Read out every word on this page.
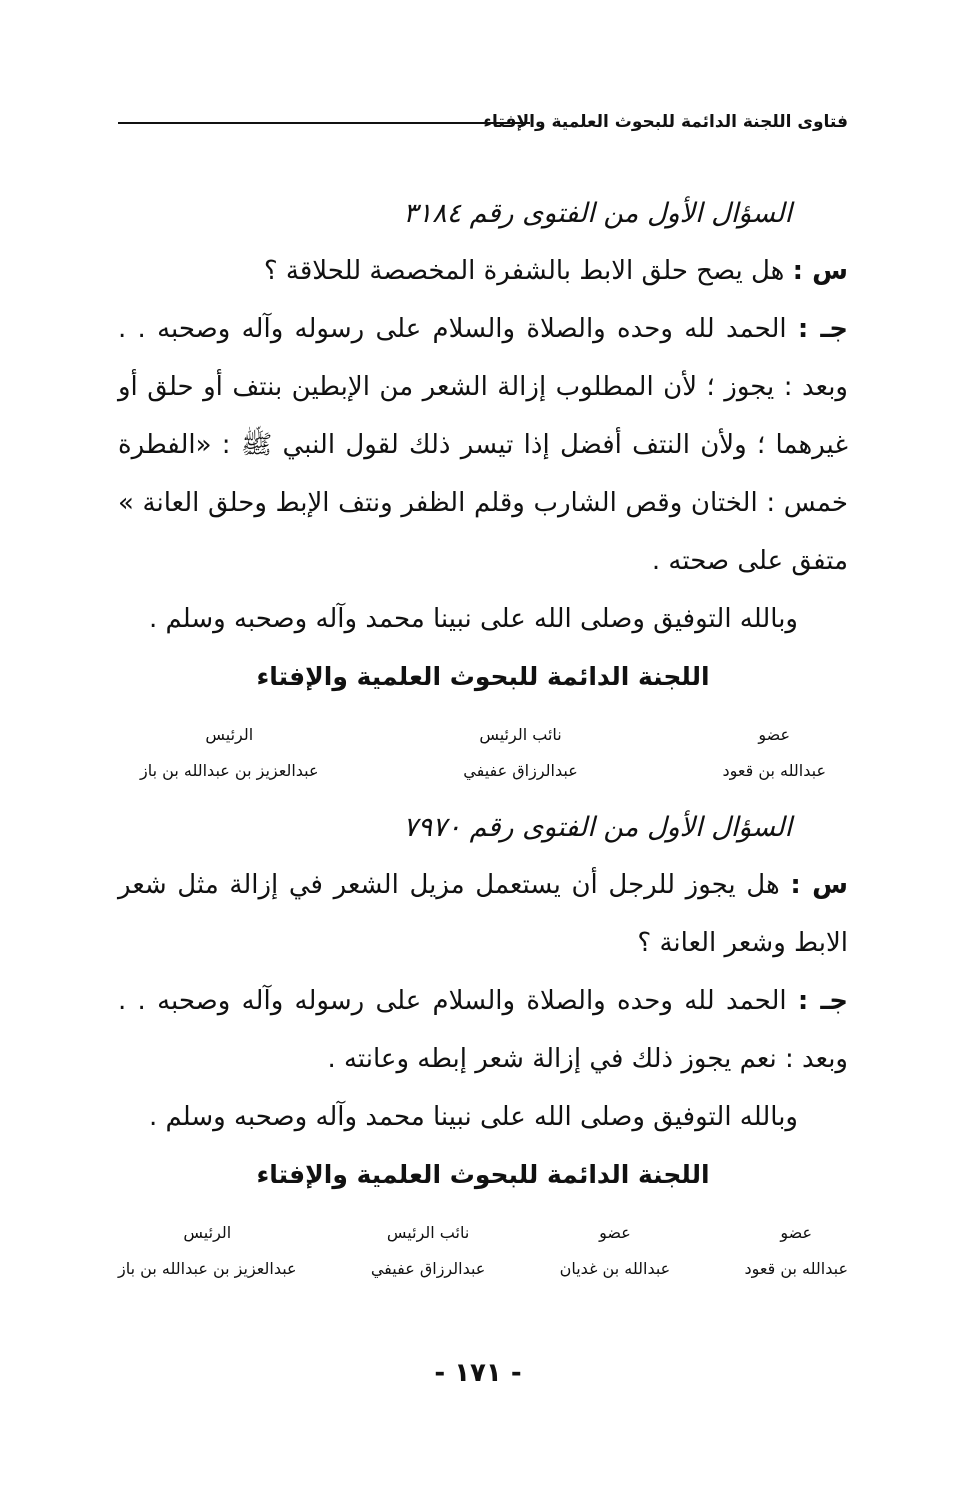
فتاوى اللجنة الدائمة للبحوث العلمية والإفتاء
السؤال الأول من الفتوى رقم ٣١٨٤

س : هل يصح حلق الابط بالشفرة المخصصة للحلاقة ؟

جـ : الحمد لله وحده والصلاة والسلام على رسوله وآله وصحبه . . وبعد : يجوز ؛ لأن المطلوب إزالة الشعر من الإبطين بنتف أو حلق أو غيرهما ؛ ولأن النتف أفضل إذا تيسر ذلك لقول النبي ﷺ : «الفطرة خمس : الختان وقص الشارب وقلم الظفر ونتف الإبط وحلق العانة » متفق على صحته .

وبالله التوفيق وصلى الله على نبينا محمد وآله وصحبه وسلم .

اللجنة الدائمة للبحوث العلمية والإفتاء
عضو
عبدالله بن قعود
نائب الرئيس
عبدالرزاق عفيفي
الرئيس
عبدالعزيز بن عبدالله بن باز
السؤال الأول من الفتوى رقم ٧٩٧٠

س : هل يجوز للرجل أن يستعمل مزيل الشعر في إزالة مثل شعر الابط وشعر العانة ؟

جـ : الحمد لله وحده والصلاة والسلام على رسوله وآله وصحبه . . وبعد : نعم يجوز ذلك في إزالة شعر إبطه وعانته .

وبالله التوفيق وصلى الله على نبينا محمد وآله وصحبه وسلم .

اللجنة الدائمة للبحوث العلمية والإفتاء
عضو
عبدالله بن قعود
عضو
عبدالله بن غديان
نائب الرئيس
عبدالرزاق عفيفي
الرئيس
عبدالعزيز بن عبدالله بن باز
- ١٧١ -
